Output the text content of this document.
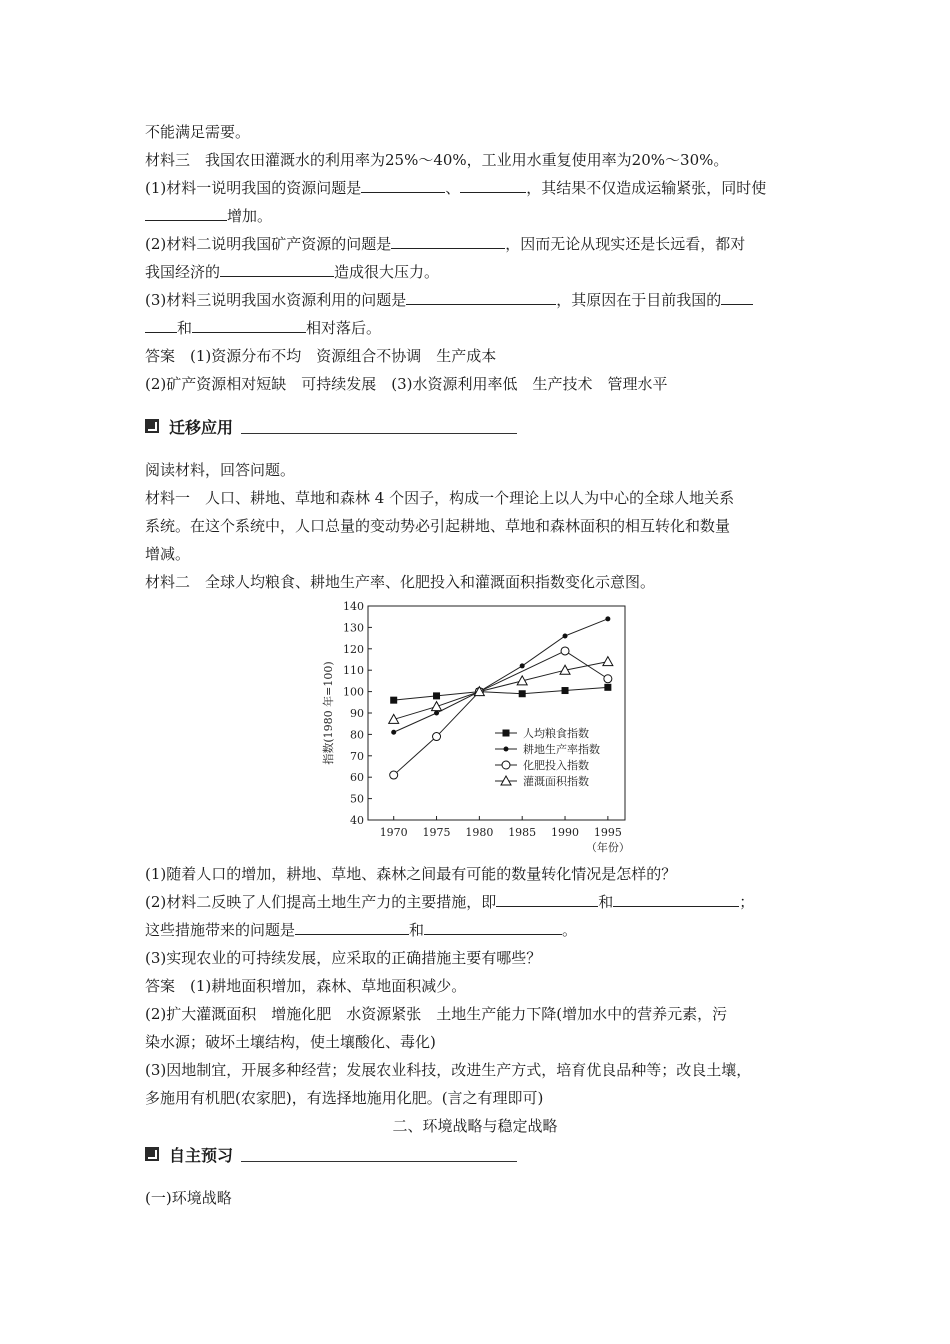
不能满足需要。
材料三　我国农田灌溉水的利用率为25%～40%，工业用水重复使用率为20%～30%。
(1)材料一说明我国的资源问题是	、	，其结果不仅造成运输紧张，同时使
增加。
(2)材料二说明我国矿产资源的问题是	，因而无论从现实还是长远看，都对
我国经济的	造成很大压力。
(3)材料三说明我国水资源利用的问题是	，其原因在于目前我国的
和	相对落后。
答案　(1)资源分布不均　资源组合不协调　生产成本
(2)矿产资源相对短缺　可持续发展　(3)水资源利用率低　生产技术　管理水平
迁移应用
阅读材料，回答问题。
材料一　人口、耕地、草地和森林 4 个因子，构成一个理论上以人为中心的全球人地关系
系统。在这个系统中，人口总量的变动势必引起耕地、草地和森林面积的相互转化和数量
增减。
材料二　全球人均粮食、耕地生产率、化肥投入和灌溉面积指数变化示意图。
40
50
60
70
80
90
100
110
120
130
140
1970 1975 1980 1985 1990 1995
（年份）
指数(1980 年=100)	人均粮食指数
耕地生产率指数
化肥投入指数
灌溉面积指数
(1)随着人口的增加，耕地、草地、森林之间最有可能的数量转化情况是怎样的？
(2)材料二反映了人们提高土地生产力的主要措施，即	和	；
这些措施带来的问题是	和	。
(3)实现农业的可持续发展，应采取的正确措施主要有哪些？
答案　(1)耕地面积增加，森林、草地面积减少。
(2)扩大灌溉面积　增施化肥　水资源紧张　土地生产能力下降(增加水中的营养元素，污
染水源；破坏土壤结构，使土壤酸化、毒化)
(3)因地制宜，开展多种经营；发展农业科技，改进生产方式，培育优良品种等；改良土壤，
多施用有机肥(农家肥)，有选择地施用化肥。(言之有理即可)
二、环境战略与稳定战略
自主预习
(一)环境战略
